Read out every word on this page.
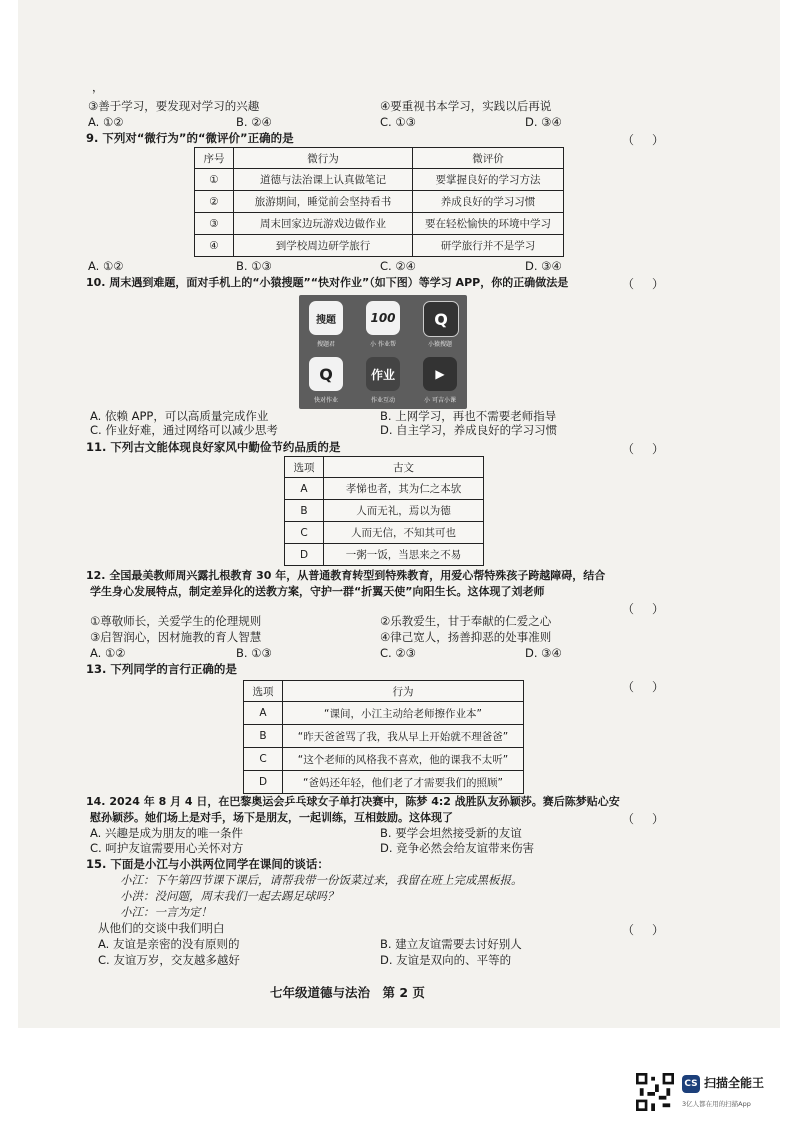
，
③善于学习，要发现对学习的兴趣	④要重视书本学习，实践以后再说
A. ①②	B. ②④	C. ①③	D. ③④
9. 下列对“微行为”的“微评价”正确的是	（）
序号	微行为	微评价
①	道德与法治课上认真做笔记	要掌握良好的学习方法
②	旅游期间，睡觉前会坚持看书	养成良好的学习习惯
③	周末回家边玩游戏边做作业	要在轻松愉快的环境中学习
④	到学校周边研学旅行	研学旅行并不是学习
A. ①②	B. ①③	C. ②④	D. ③④
10. 周末遇到难题，面对手机上的“小猿搜题”“快对作业”（如下图）等学习 APP，你的正确做法是	（）
搜题
搜题君
100
小 作业帮
Q
小猿搜题
Q
快对作业
作业
作业互动
▶
小 可吉小课
A. 依赖 APP，可以高质量完成作业	B. 上网学习，再也不需要老师指导
C. 作业好难，通过网络可以减少思考	D. 自主学习，养成良好的学习习惯
11. 下列古文能体现良好家风中勤俭节约品质的是	（）
选项	古文
A	孝悌也者，其为仁之本欤
B	人而无礼，焉以为德
C	人而无信，不知其可也
D	一粥一饭，当思来之不易
12. 全国最美教师周兴露扎根教育 30 年，从普通教育转型到特殊教育，用爱心帮特殊孩子跨越障碍，结合
学生身心发展特点，制定差异化的送教方案，守护一群“折翼天使”向阳生长。这体现了刘老师
（）
①尊敬师长，关爱学生的伦理规则	②乐教爱生，甘于奉献的仁爱之心
③启智润心，因材施教的育人智慧	④律己宽人，扬善抑恶的处事准则
A. ①②	B. ①③	C. ②③	D. ③④
13. 下列同学的言行正确的是
（）
选项	行为
A	“课间，小江主动给老师擦作业本”
B	“昨天爸爸骂了我，我从早上开始就不理爸爸”
C	“这个老师的风格我不喜欢，他的课我不太听”
D	“爸妈还年轻，他们老了才需要我们的照顾”
14. 2024 年 8 月 4 日，在巴黎奥运会乒乓球女子单打决赛中，陈梦 4:2 战胜队友孙颖莎。赛后陈梦贴心安
慰孙颖莎。她们场上是对手，场下是朋友，一起训练，互相鼓励。这体现了	（）
A. 兴趣是成为朋友的唯一条件	B. 要学会坦然接受新的友谊
C. 呵护友谊需要用心关怀对方	D. 竞争必然会给友谊带来伤害
15. 下面是小江与小洪两位同学在课间的谈话：
小江：下午第四节课下课后，请帮我带一份饭菜过来，我留在班上完成黑板报。
小洪：没问题，周末我们一起去踢足球吗？
小江：一言为定！
从他们的交谈中我们明白	（）
A. 友谊是亲密的没有原则的	B. 建立友谊需要去讨好别人
C. 友谊万岁，交友越多越好	D. 友谊是双向的、平等的
七年级道德与法治　第 2 页
CS 扫描全能王
3亿人都在用的扫描App
